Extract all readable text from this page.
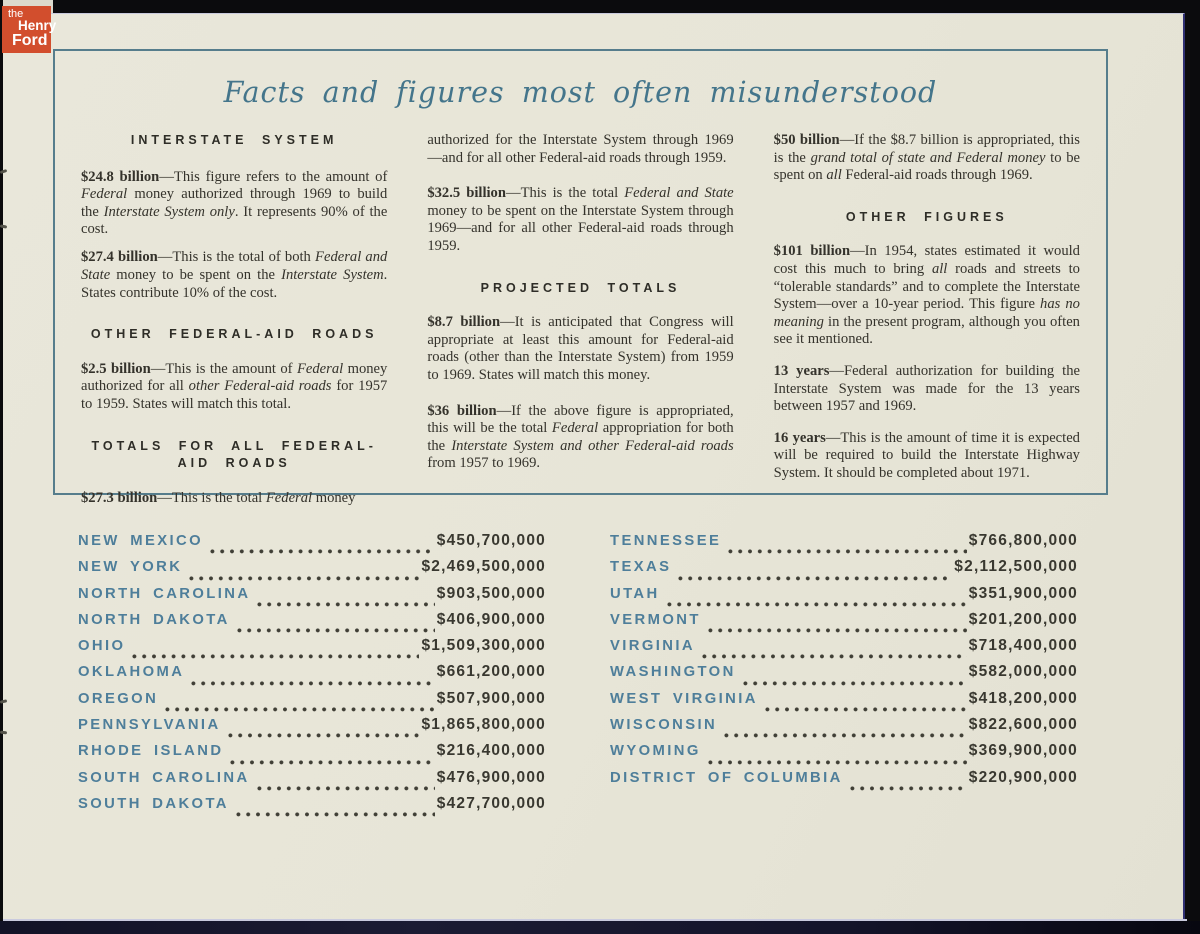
the
Henry
Ford
Facts and figures most often misunderstood
INTERSTATE SYSTEM

$24.8 billion—This figure refers to the amount of Federal money authorized through 1969 to build the Interstate System only. It represents 90% of the cost.

$27.4 billion—This is the total of both Federal and State money to be spent on the Interstate System. States contribute 10% of the cost.

OTHER FEDERAL-AID ROADS

$2.5 billion—This is the amount of Federal money authorized for all other Federal-aid roads for 1957 to 1959. States will match this total.

TOTALS FOR ALL FEDERAL-AID ROADS

$27.3 billion—This is the total Federal money

authorized for the Interstate System through 1969 —and for all other Federal-aid roads through 1959.

$32.5 billion—This is the total Federal and State money to be spent on the Interstate System through 1969—and for all other Federal-aid roads through 1959.

PROJECTED TOTALS

$8.7 billion—It is anticipated that Congress will appropriate at least this amount for Federal-aid roads (other than the Interstate System) from 1959 to 1969. States will match this money.

$36 billion—If the above figure is appropriated, this will be the total Federal appropriation for both the Interstate System and other Federal-aid roads from 1957 to 1969.

$50 billion—If the $8.7 billion is appropriated, this is the grand total of state and Federal money to be spent on all Federal-aid roads through 1969.

OTHER FIGURES

$101 billion—In 1954, states estimated it would cost this much to bring all roads and streets to “tolerable standards” and to complete the Interstate System—over a 10-year period. This figure has no meaning in the present program, although you often see it mentioned.

13 years—Federal authorization for building the Interstate System was made for the 13 years between 1957 and 1969.

16 years—This is the amount of time it is expected will be required to build the Interstate Highway System. It should be completed about 1971.

NEW MEXICO	$450,700,000
NEW YORK	$2,469,500,000
NORTH CAROLINA	$903,500,000
NORTH DAKOTA	$406,900,000
OHIO	$1,509,300,000
OKLAHOMA	$661,200,000
OREGON	$507,900,000
PENNSYLVANIA	$1,865,800,000
RHODE ISLAND	$216,400,000
SOUTH CAROLINA	$476,900,000
SOUTH DAKOTA	$427,700,000
TENNESSEE	$766,800,000
TEXAS	$2,112,500,000
UTAH	$351,900,000
VERMONT	$201,200,000
VIRGINIA	$718,400,000
WASHINGTON	$582,000,000
WEST VIRGINIA	$418,200,000
WISCONSIN	$822,600,000
WYOMING	$369,900,000
DISTRICT OF COLUMBIA	$220,900,000
